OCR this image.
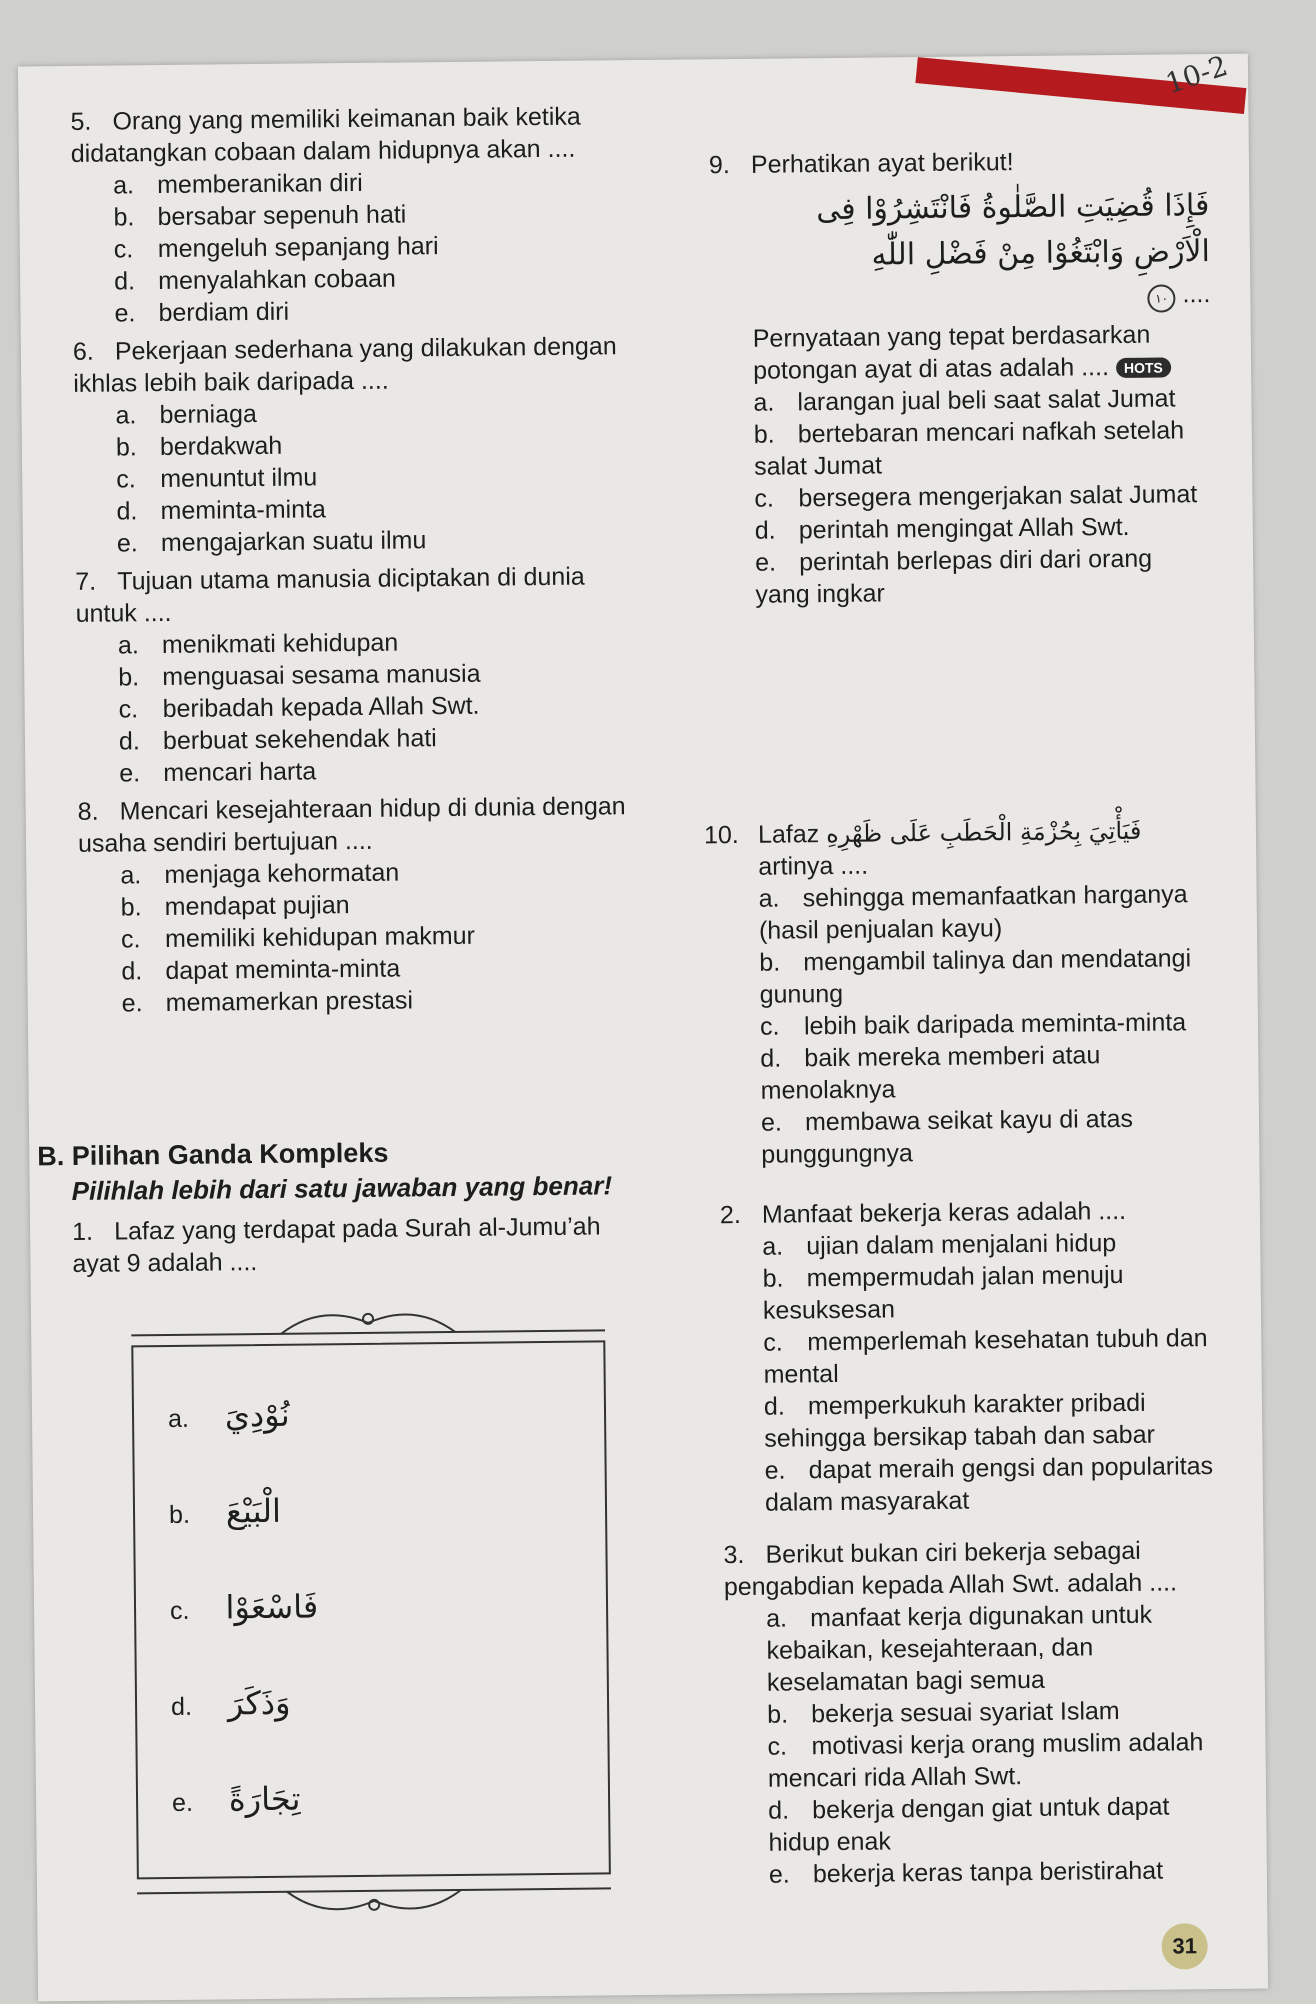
10-2
5. Orang yang memiliki keimanan baik ketika didatangkan cobaan dalam hidupnya akan ....
a. memberanikan diri
b. bersabar sepenuh hati
c. mengeluh sepanjang hari
d. menyalahkan cobaan
e. berdiam diri
6. Pekerjaan sederhana yang dilakukan dengan ikhlas lebih baik daripada ....
a. berniaga
b. berdakwah
c. menuntut ilmu
d. meminta-minta
e. mengajarkan suatu ilmu
7. Tujuan utama manusia diciptakan di dunia untuk ....
a. menikmati kehidupan
b. menguasai sesama manusia
c. beribadah kepada Allah Swt.
d. berbuat sekehendak hati
e. mencari harta
8. Mencari kesejahteraan hidup di dunia dengan usaha sendiri bertujuan ....
a. menjaga kehormatan
b. mendapat pujian
c. memiliki kehidupan makmur
d. dapat meminta-minta
e. memamerkan prestasi
9. Perhatikan ayat berikut!
فَإِذَا قُضِيَتِ الصَّلٰوةُ فَانْتَشِرُوْا فِى
الْاَرْضِ وَابْتَغُوْا مِنْ فَضْلِ اللّٰهِ
١٠ ....
Pernyataan yang tepat berdasarkan potongan ayat di atas adalah .... HOTS
a. larangan jual beli saat salat Jumat
b. bertebaran mencari nafkah setelah salat Jumat
c. bersegera mengerjakan salat Jumat
d. perintah mengingat Allah Swt.
e. perintah berlepas diri dari orang yang ingkar
10. Lafaz فَيَأْتِيَ بِحُزْمَةِ الْحَطَبِ عَلَى ظَهْرِهِ
artinya ....
a. sehingga memanfaatkan harganya (hasil penjualan kayu)
b. mengambil talinya dan mendatangi gunung
c. lebih baik daripada meminta-minta
d. baik mereka memberi atau menolaknya
e. membawa seikat kayu di atas punggungnya
B. Pilihan Ganda Kompleks
Pilihlah lebih dari satu jawaban yang benar!
1. Lafaz yang terdapat pada Surah al-Jumu’ah ayat 9 adalah ....
a. نُوْدِيَ
b. الْبَيْعَ
c. فَاسْعَوْا
d. وَذَكَرَ
e. تِجَارَةً
2. Manfaat bekerja keras adalah ....
a. ujian dalam menjalani hidup
b. mempermudah jalan menuju kesuksesan
c. memperlemah kesehatan tubuh dan mental
d. memperkukuh karakter pribadi sehingga bersikap tabah dan sabar
e. dapat meraih gengsi dan popularitas dalam masyarakat
3. Berikut bukan ciri bekerja sebagai pengabdian kepada Allah Swt. adalah ....
a. manfaat kerja digunakan untuk kebaikan, kesejahteraan, dan keselamatan bagi semua
b. bekerja sesuai syariat Islam
c. motivasi kerja orang muslim adalah mencari rida Allah Swt.
d. bekerja dengan giat untuk dapat hidup enak
e. bekerja keras tanpa beristirahat
31
